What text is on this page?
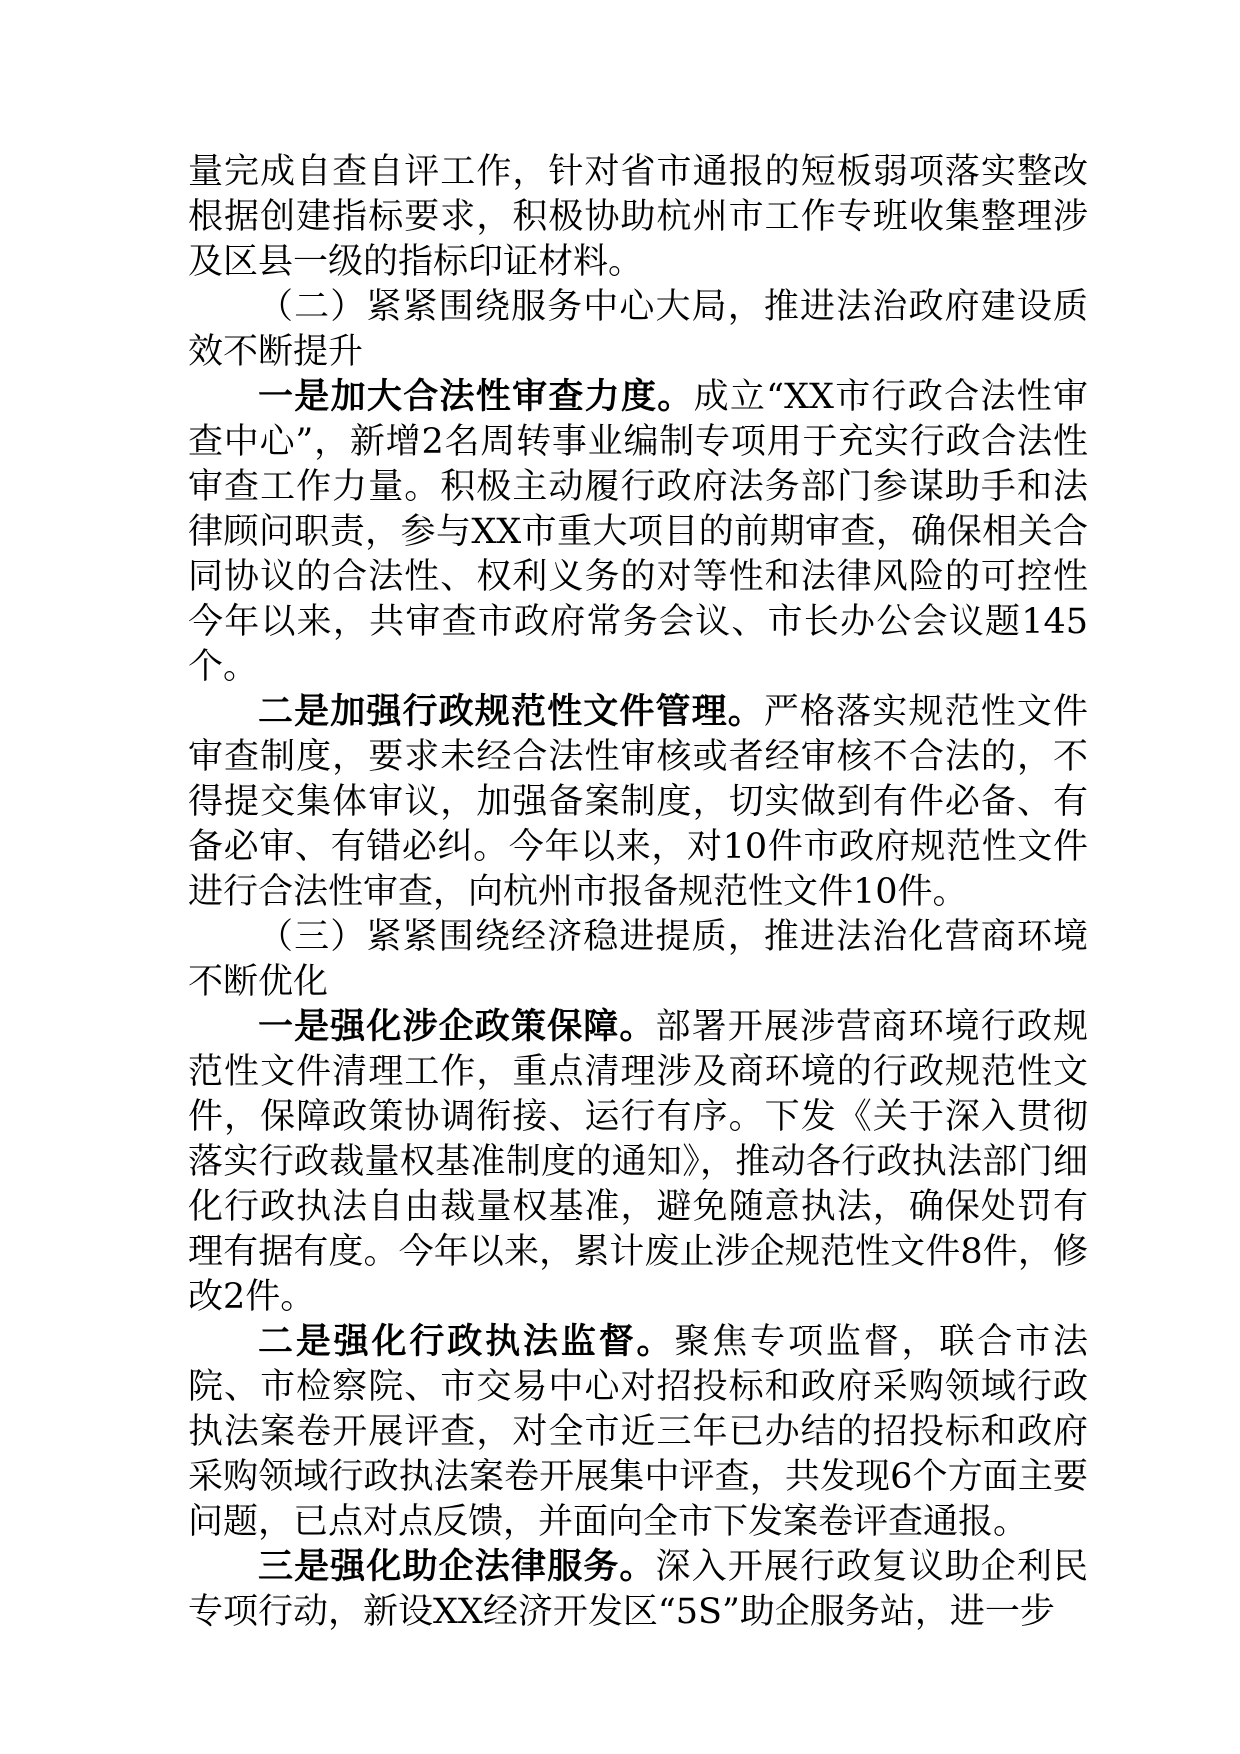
量完成自查自评工作，针对省市通报的短板弱项落实整改根据创建指标要求，积极协助杭州市工作专班收集整理涉及区县一级的指标印证材料。

（二）紧紧围绕服务中心大局，推进法治政府建设质效不断提升

一是加大合法性审查力度。成立“XX市行政合法性审查中心”，新增2名周转事业编制专项用于充实行政合法性审查工作力量。积极主动履行政府法务部门参谋助手和法律顾问职责，参与XX市重大项目的前期审查，确保相关合同协议的合法性、权利义务的对等性和法律风险的可控性今年以来，共审查市政府常务会议、市长办公会议题145个。

二是加强行政规范性文件管理。严格落实规范性文件审查制度，要求未经合法性审核或者经审核不合法的，不得提交集体审议，加强备案制度，切实做到有件必备、有备必审、有错必纠。今年以来，对10件市政府规范性文件进行合法性审查，向杭州市报备规范性文件10件。

（三）紧紧围绕经济稳进提质，推进法治化营商环境不断优化

一是强化涉企政策保障。部署开展涉营商环境行政规范性文件清理工作，重点清理涉及商环境的行政规范性文件，保障政策协调衔接、运行有序。下发《关于深入贯彻落实行政裁量权基准制度的通知》，推动各行政执法部门细化行政执法自由裁量权基准，避免随意执法，确保处罚有理有据有度。今年以来，累计废止涉企规范性文件8件，修改2件。

二是强化行政执法监督。聚焦专项监督，联合市法院、市检察院、市交易中心对招投标和政府采购领域行政执法案卷开展评查，对全市近三年已办结的招投标和政府采购领域行政执法案卷开展集中评查，共发现6个方面主要问题，已点对点反馈，并面向全市下发案卷评查通报。

三是强化助企法律服务。深入开展行政复议助企利民专项行动，新设XX经济开发区“5S”助企服务站，进一步
